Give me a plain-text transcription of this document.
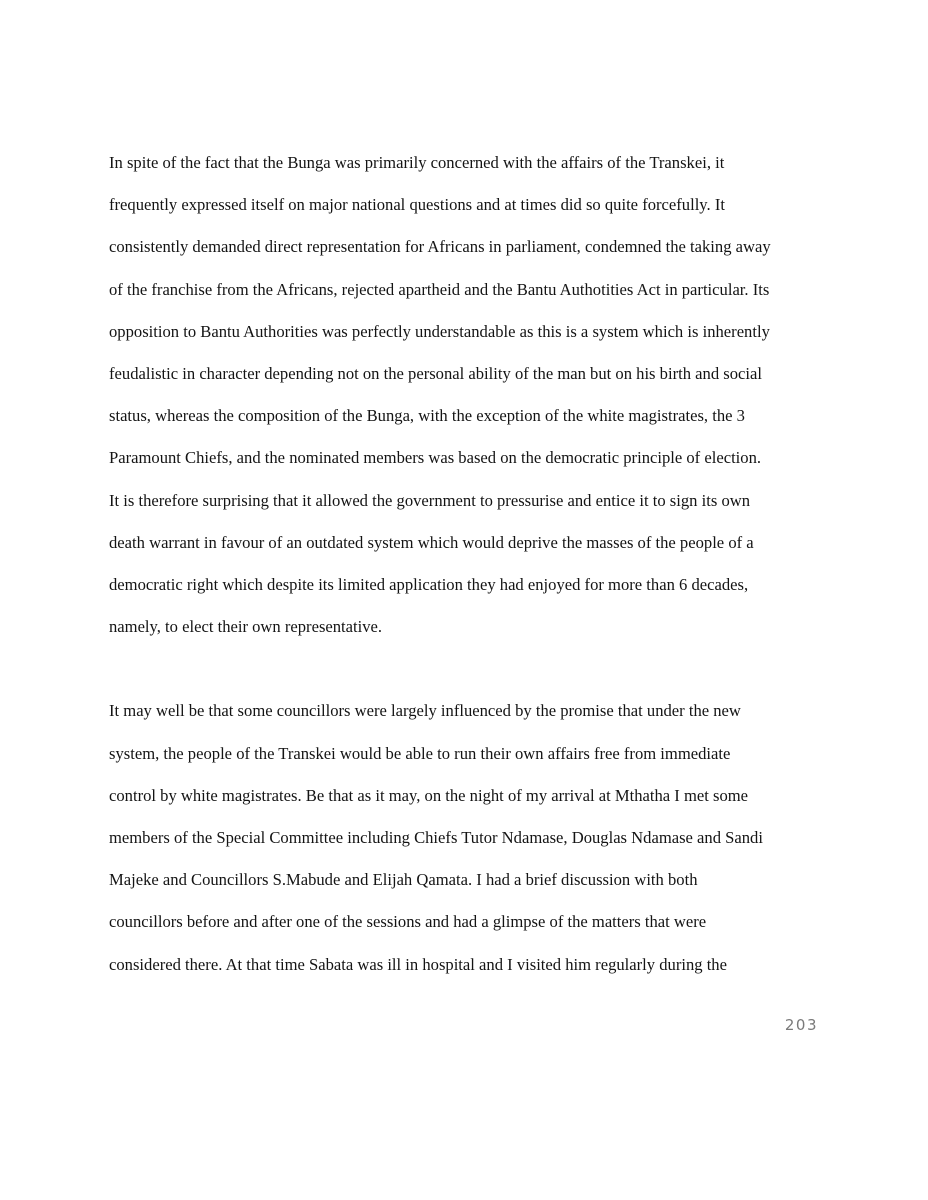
In spite of the fact that the Bunga was primarily concerned with the affairs of the Transkei, it
frequently expressed itself on major national questions and at times did so quite forcefully. It
consistently demanded direct representation for Africans in parliament, condemned the taking away
of the franchise from the Africans, rejected apartheid and the Bantu Authotities Act in particular. Its
opposition to Bantu Authorities was perfectly understandable as this is a system which is inherently
feudalistic in character depending not on the personal ability of the man but on his birth and social
status, whereas the composition of the Bunga, with the exception of the white magistrates, the 3
Paramount Chiefs, and the nominated members was based on the democratic principle of election.
It is therefore surprising that it allowed the government to pressurise and entice it to sign its own
death warrant in favour of an outdated system which would deprive the masses of the people of a
democratic right which despite its limited application they had enjoyed for more than 6 decades,
namely, to elect their own representative.
It may well be that some councillors were largely influenced by the promise that under the new
system, the people of the Transkei would be able to run their own affairs free from immediate
control by white magistrates. Be that as it may, on the night of my arrival at Mthatha I met some
members of the Special Committee including Chiefs Tutor Ndamase, Douglas Ndamase and Sandi
Majeke and Councillors S.Mabude and Elijah Qamata. I had a brief discussion with both
councillors before and after one of the sessions and had a glimpse of the matters that were
considered there. At that time Sabata was ill in hospital and I visited him regularly during the
203
